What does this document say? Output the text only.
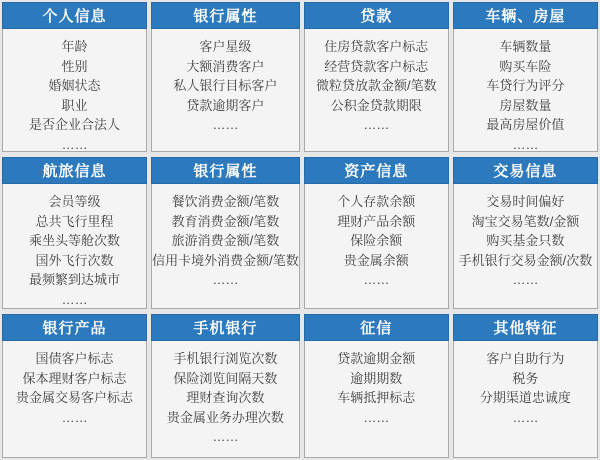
个人信息
年龄
性别
婚姻状态
职业
是否企业合法人
……
银行属性
客户星级
大额消费客户
私人银行目标客户
贷款逾期客户
……
贷款
住房贷款客户标志
经营贷款客户标志
微粒贷放款金额/笔数
公积金贷款期限
……
车辆、房屋
车辆数量
购买车险
车贷行为评分
房屋数量
最高房屋价值
……
航旅信息
会员等级
总共飞行里程
乘坐头等舱次数
国外飞行次数
最频繁到达城市
……
银行属性
餐饮消费金额/笔数
教育消费金额/笔数
旅游消费金额/笔数
信用卡境外消费金额/笔数
……
资产信息
个人存款余额
理财产品余额
保险余额
贵金属余额
……
交易信息
交易时间偏好
淘宝交易笔数/金额
购买基金只数
手机银行交易金额/次数
……
银行产品
国债客户标志
保本理财客户标志
贵金属交易客户标志
……
手机银行
手机银行浏览次数
保险浏览间隔天数
理财查询次数
贵金属业务办理次数
……
征信
贷款逾期金额
逾期期数
车辆抵押标志
……
其他特征
客户自助行为
税务
分期渠道忠诚度
……
